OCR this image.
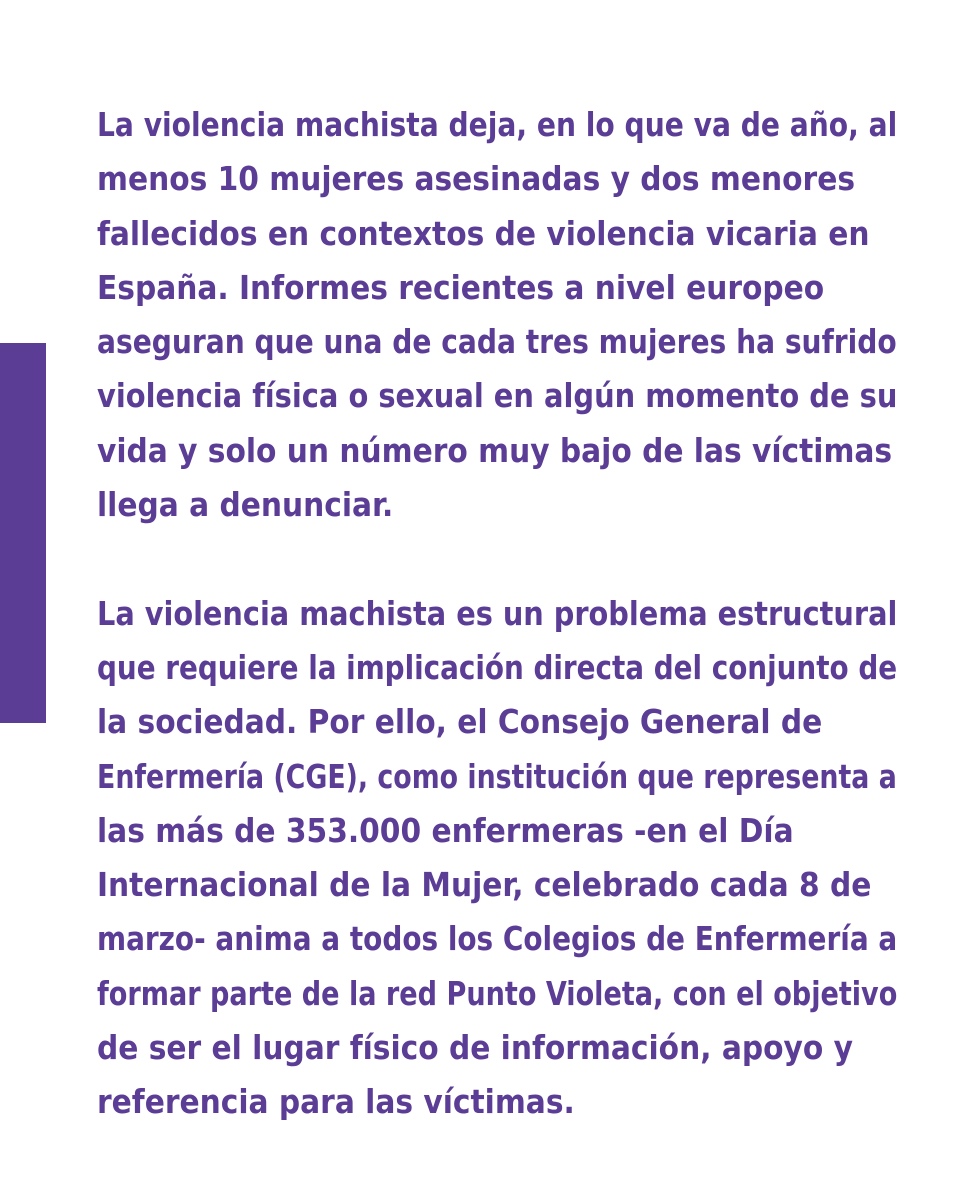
La violencia machista deja, en lo que va de año, al
menos 10 mujeres asesinadas y dos menores
fallecidos en contextos de violencia vicaria en
España. Informes recientes a nivel europeo
aseguran que una de cada tres mujeres ha sufrido
violencia física o sexual en algún momento de su
vida y solo un número muy bajo de las víctimas
llega a denunciar.
La violencia machista es un problema estructural
que requiere la implicación directa del conjunto de
la sociedad. Por ello, el Consejo General de
Enfermería (CGE), como institución que representa a
las más de 353.000 enfermeras -en el Día
Internacional de la Mujer, celebrado cada 8 de
marzo- anima a todos los Colegios de Enfermería a
formar parte de la red Punto Violeta, con el objetivo
de ser el lugar físico de información, apoyo y
referencia para las víctimas.
